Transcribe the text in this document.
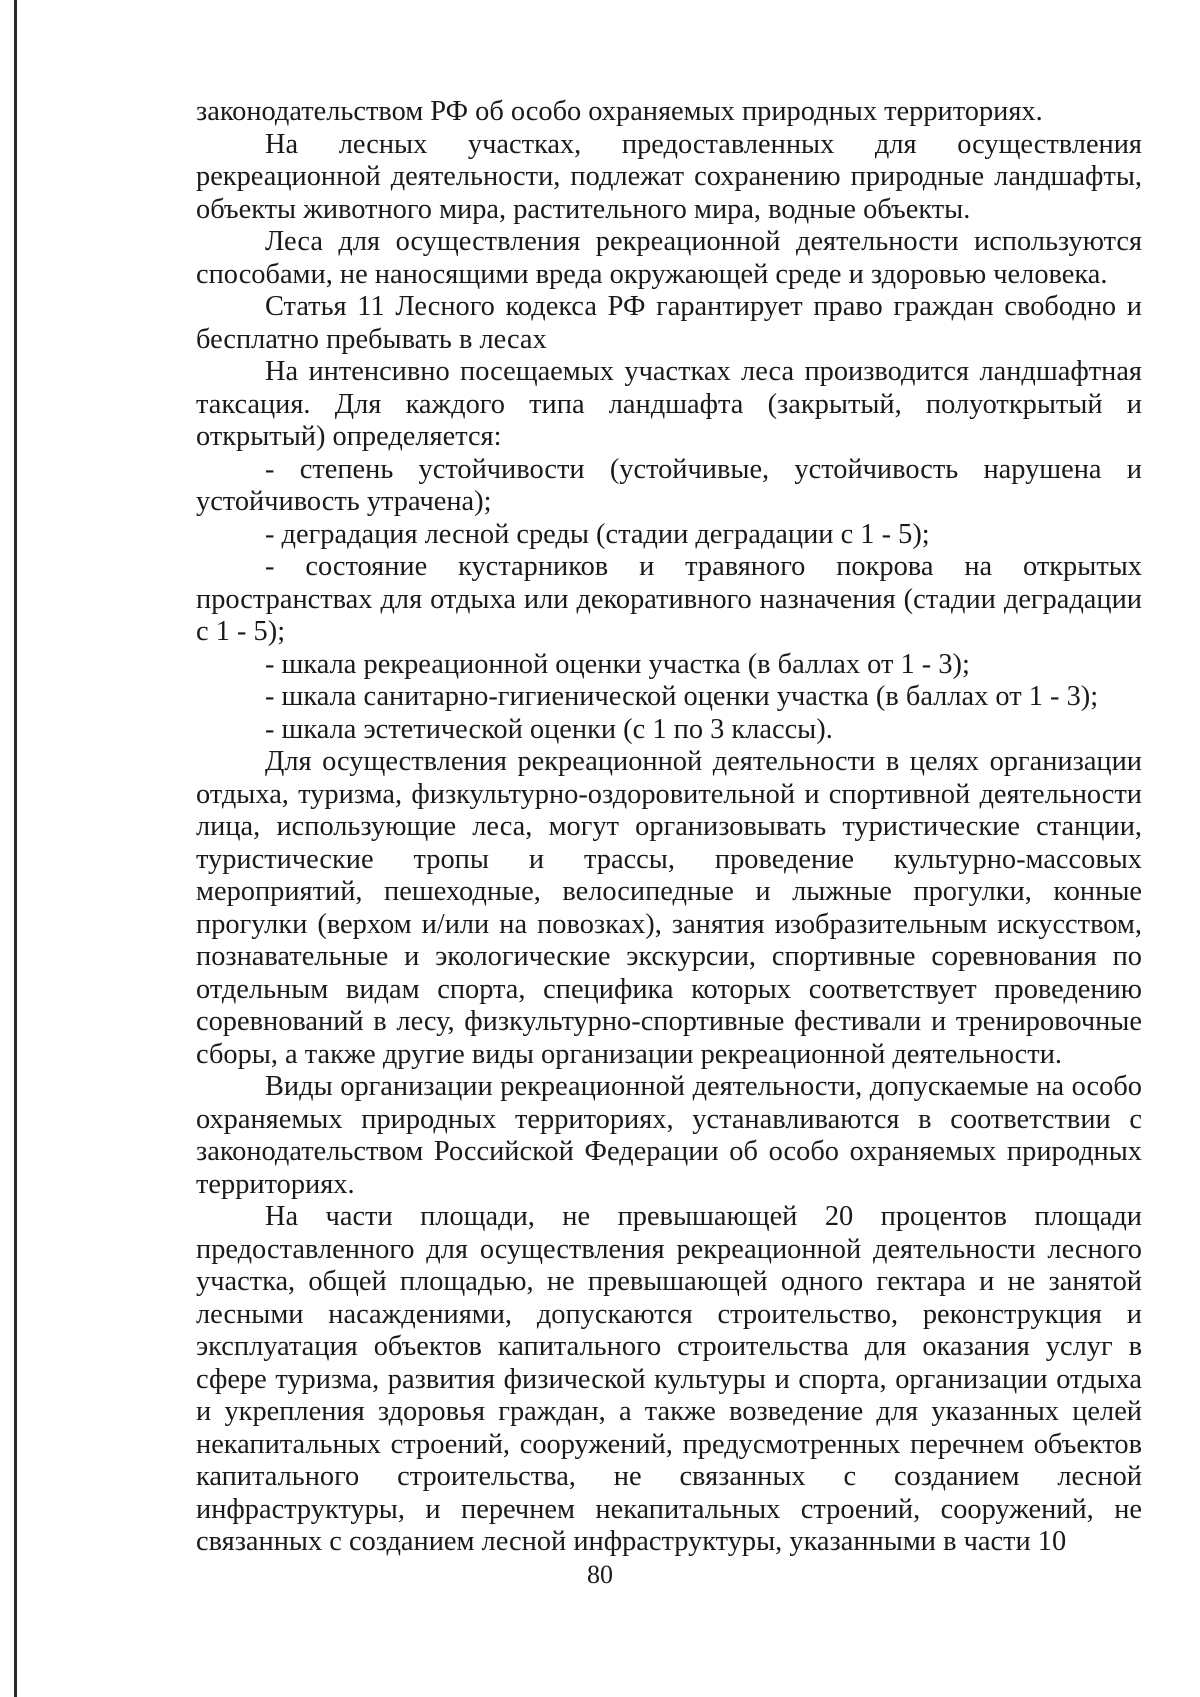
законодательством РФ об особо охраняемых природных территориях.

На лесных участках, предоставленных для осуществления рекреационной деятельности, подлежат сохранению природные ландшафты, объекты животного мира, растительного мира, водные объекты.

Леса для осуществления рекреационной деятельности используются способами, не наносящими вреда окружающей среде и здоровью человека.

Статья 11 Лесного кодекса РФ гарантирует право граждан свободно и бесплатно пребывать в лесах

На интенсивно посещаемых участках леса производится ландшафтная таксация. Для каждого типа ландшафта (закрытый, полуоткрытый и открытый) определяется:

- степень устойчивости (устойчивые, устойчивость нарушена и устойчивость утрачена);

- деградация лесной среды (стадии деградации с 1 - 5);

- состояние кустарников и травяного покрова на открытых пространствах для отдыха или декоративного назначения (стадии деградации с 1 - 5);

- шкала рекреационной оценки участка (в баллах от 1 - 3);

- шкала санитарно-гигиенической оценки участка (в баллах от 1 - 3);

- шкала эстетической оценки (с 1 по 3 классы).

Для осуществления рекреационной деятельности в целях организации отдыха, туризма, физкультурно-оздоровительной и спортивной деятельности лица, использующие леса, могут организовывать туристические станции, туристические тропы и трассы, проведение культурно-массовых мероприятий, пешеходные, велосипедные и лыжные прогулки, конные прогулки (верхом и/или на повозках), занятия изобразительным искусством, познавательные и экологические экскурсии, спортивные соревнования по отдельным видам спорта, специфика которых соответствует проведению соревнований в лесу, физкультурно-спортивные фестивали и тренировочные сборы, а также другие виды организации рекреационной деятельности.

Виды организации рекреационной деятельности, допускаемые на особо охраняемых природных территориях, устанавливаются в соответствии с законодательством Российской Федерации об особо охраняемых природных территориях.

На части площади, не превышающей 20 процентов площади предоставленного для осуществления рекреационной деятельности лесного участка, общей площадью, не превышающей одного гектара и не занятой лесными насаждениями, допускаются строительство, реконструкция и эксплуатация объектов капитального строительства для оказания услуг в сфере туризма, развития физической культуры и спорта, организации отдыха и укрепления здоровья граждан, а также возведение для указанных целей некапитальных строений, сооружений, предусмотренных перечнем объектов капитального строительства, не связанных с созданием лесной инфраструктуры, и перечнем некапитальных строений, сооружений, не связанных с созданием лесной инфраструктуры, указанными в части 10

80
